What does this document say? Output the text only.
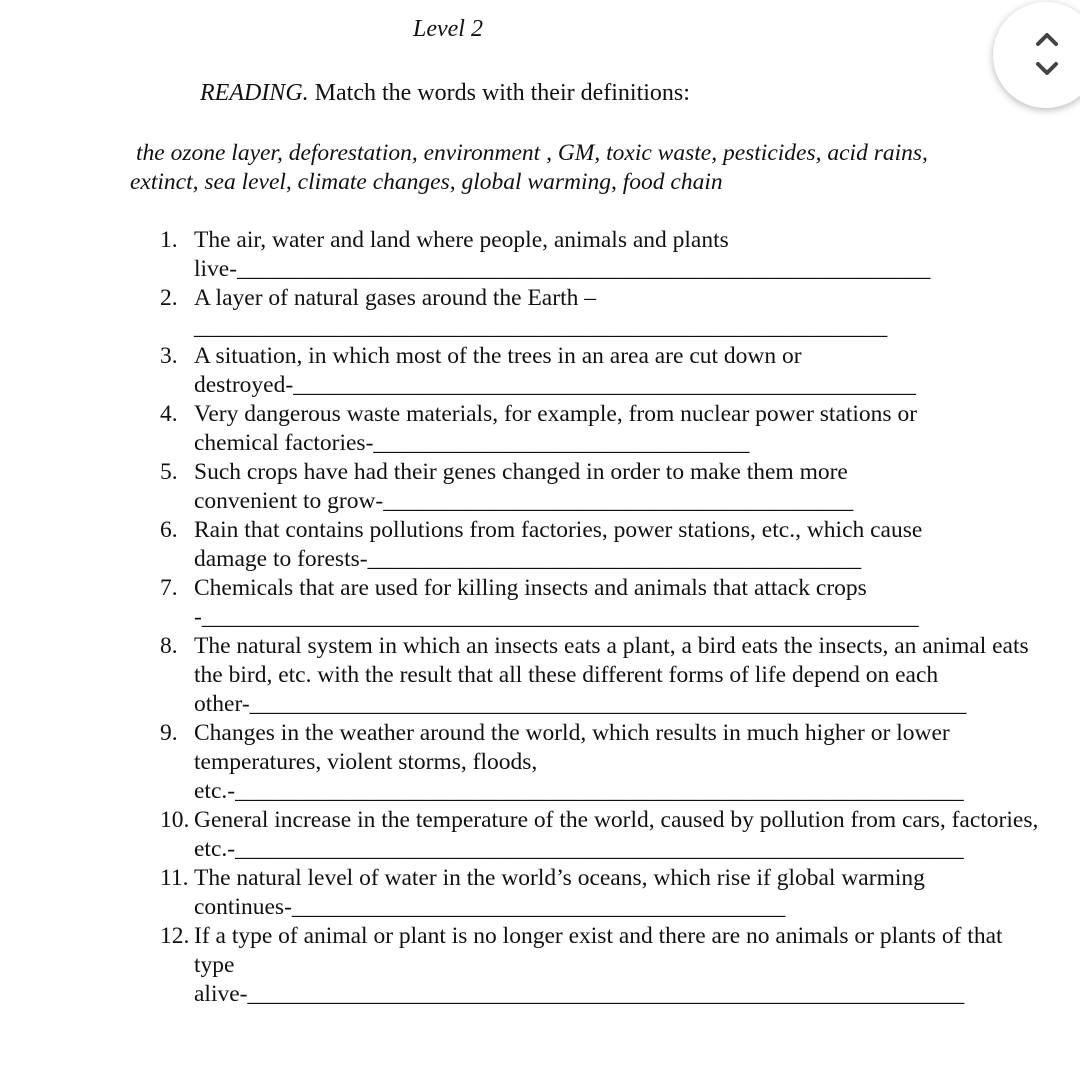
Level 2
READING. Match the words with their definitions:
the ozone layer, deforestation, environment , GM, toxic waste, pesticides, acid rains,
extinct, sea level, climate changes, global warming, food chain
1. The air, water and land where people, animals and plants
live-___________________________________________________________
2. A layer of natural gases around the Earth –
___________________________________________________________
3. A situation, in which most of the trees in an area are cut down or
destroyed-_____________________________________________________
4. Very dangerous waste materials, for example, from nuclear power stations or
chemical factories-________________________________
5. Such crops have had their genes changed in order to make them more
convenient to grow-________________________________________
6. Rain that contains pollutions from factories, power stations, etc., which cause
damage to forests-__________________________________________
7. Chemicals that are used for killing insects and animals that attack crops
-_____________________________________________________________
8. The natural system in which an insects eats a plant, a bird eats the insects, an animal eats the bird, etc. with the result that all these different forms of life depend on each
other-_____________________________________________________________
9. Changes in the weather around the world, which results in much higher or lower temperatures, violent storms, floods,
etc.-______________________________________________________________
10. General increase in the temperature of the world, caused by pollution from cars, factories,
etc.-______________________________________________________________
11. The natural level of water in the world’s oceans, which rise if global warming
continues-__________________________________________
12. If a type of animal or plant is no longer exist and there are no animals or plants of that type
alive-_____________________________________________________________
